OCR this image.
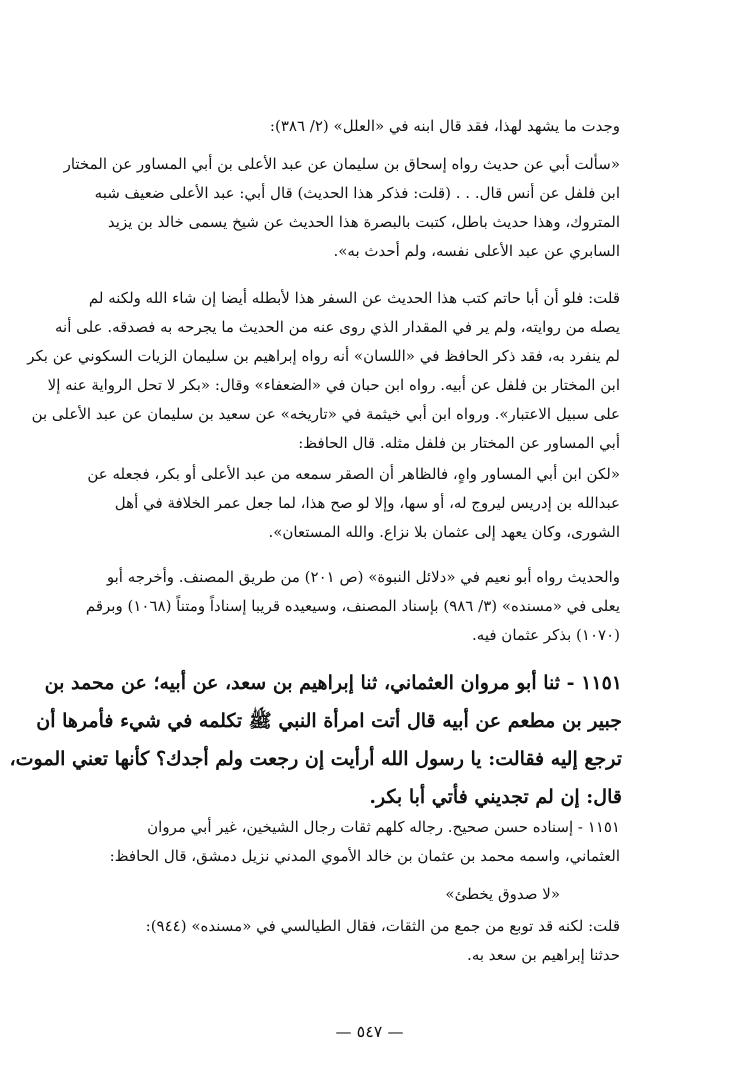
وجدت ما يشهد لهذا، فقد قال ابنه في «العلل» (٢/ ٣٨٦):

«سألت أبي عن حديث رواه إسحاق بن سليمان عن عبد الأعلى بن أبي المساور عن المختار
ابن فلفل عن أنس قال. . . (قلت: فذكر هذا الحديث) قال أبي: عبد الأعلى ضعيف شبه
المتروك، وهذا حديث باطل، كتبت بالبصرة هذا الحديث عن شيخ يسمى خالد بن يزيد
السابري عن عبد الأعلى نفسه، ولم أحدث به».

قلت: فلو أن أبا حاتم كتب هذا الحديث عن السفر هذا لأبطله أيضا إن شاء الله ولكنه لم
يصله من روايته، ولم ير في المقدار الذي روى عنه من الحديث ما يجرحه به فصدقه. على أنه
لم ينفرد به، فقد ذكر الحافظ في «اللسان» أنه رواه إبراهيم بن سليمان الزيات السكوني عن بكر
ابن المختار بن فلفل عن أبيه. رواه ابن حبان في «الضعفاء» وقال: «بكر لا تحل الرواية عنه إلا
على سبيل الاعتبار». ورواه ابن أبي خيثمة في «تاريخه» عن سعيد بن سليمان عن عبد الأعلى بن
أبي المساور عن المختار بن فلفل مثله. قال الحافظ:

«لكن ابن أبي المساور واهٍ، فالظاهر أن الصقر سمعه من عبد الأعلى أو بكر، فجعله عن
عبدالله بن إدريس ليروج له، أو سها، وإلا لو صح هذا، لما جعل عمر الخلافة في أهل
الشورى، وكان يعهد إلى عثمان بلا نزاع. والله المستعان».

والحديث رواه أبو نعيم في «دلائل النبوة» (ص ٢٠١) من طريق المصنف. وأخرجه أبو
يعلى في «مسنده» (٣/ ٩٨٦) بإسناد المصنف، وسيعيده قريبا إسناداً ومتناً (١٠٦٨) وبرقم
(١٠٧٠) بذكر عثمان فيه.

١١٥١ - ثنا أبو مروان العثماني، ثنا إبراهيم بن سعد، عن أبيه؛ عن محمد بن
جبير بن مطعم عن أبيه قال أتت امرأة النبي ﷺ تكلمه في شيء فأمرها أن
ترجع إليه فقالت: يا رسول الله أرأيت إن رجعت ولم أجدك؟ كأنها تعني الموت،
قال: إن لم تجديني فأتي أبا بكر.

١١٥١ - إسناده حسن صحيح. رجاله كلهم ثقات رجال الشيخين، غير أبي مروان
العثماني، واسمه محمد بن عثمان بن خالد الأموي المدني نزيل دمشق، قال الحافظ:

«لا صدوق يخطئ»

قلت: لكنه قد توبع من جمع من الثقات، فقال الطيالسي في «مسنده» (٩٤٤):
حدثنا إبراهيم بن سعد به.

— ٥٤٧ —
